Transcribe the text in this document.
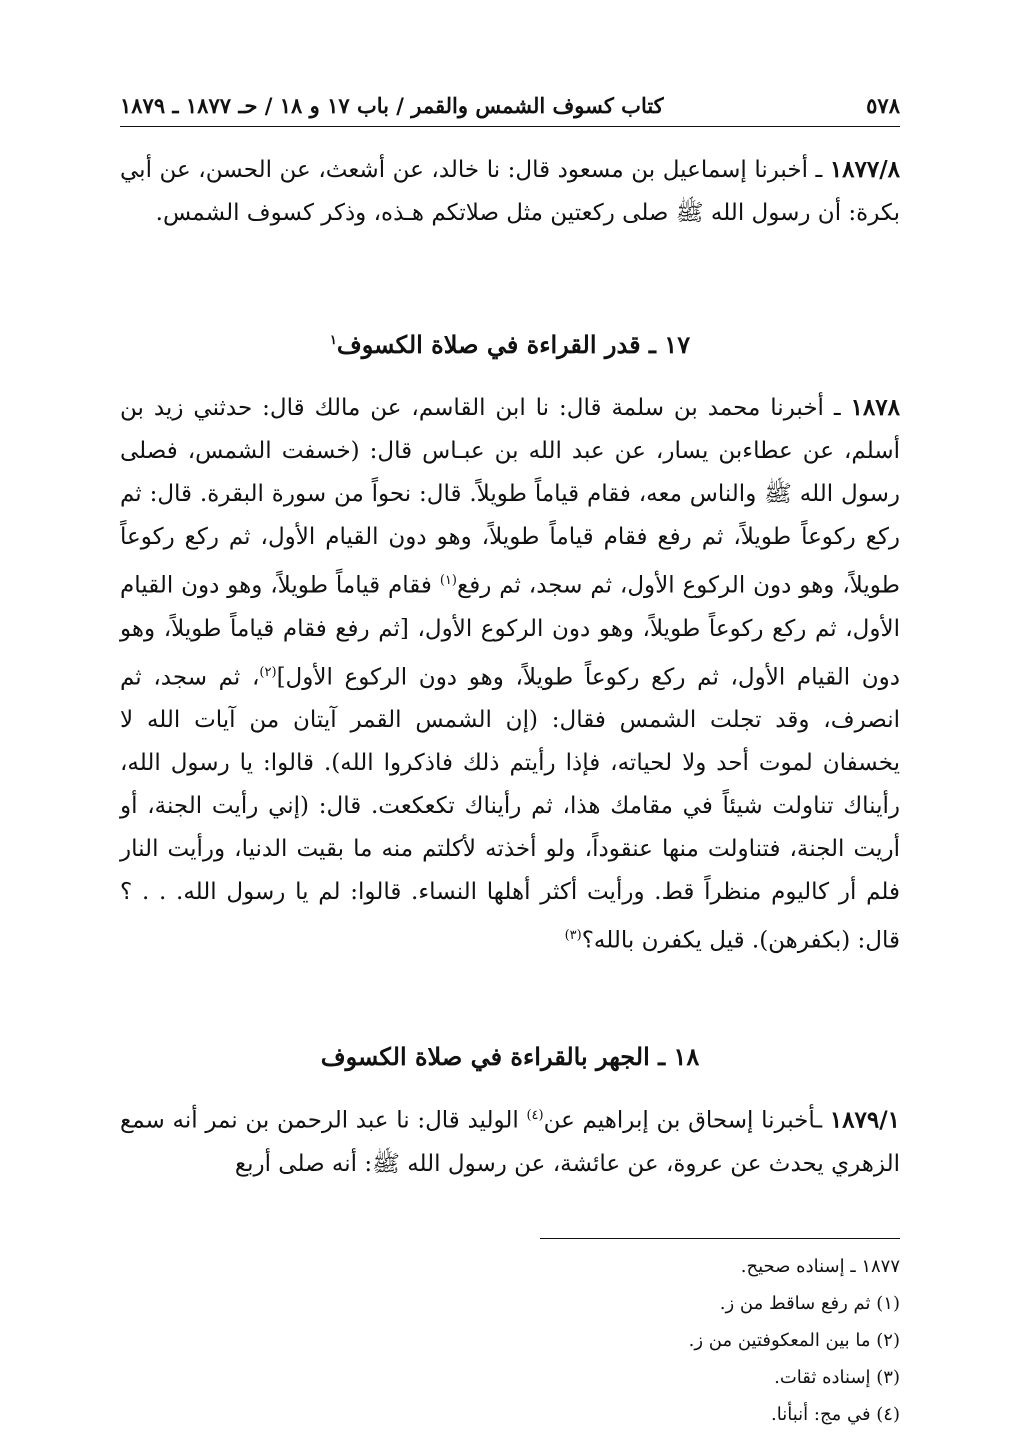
٥٧٨
كتاب كسوف الشمس والقمر / باب ١٧ و ١٨ / حـ ١٨٧٧ ـ ١٨٧٩

١٨٧٧/٨ ـ أخبرنا إسماعيل بن مسعود قال: نا خالد، عن أشعث، عن الحسن، عن أبي بكرة: أن رسول الله ﷺ صلى ركعتين مثل صلاتكم هـذه، وذكر كسوف الشمس.

١٧ ـ قدر القراءة في صلاة الكسوف$^١$

١٨٧٨ ـ أخبرنا محمد بن سلمة قال: نا ابن القاسم، عن مالك قال: حدثني زيد بن أسلم، عن عطاءبن يسار، عن عبد الله بن عبـاس قال: (خسفت الشمس، فصلى رسول الله ﷺ والناس معه، فقام قياماً طويلاً. قال: نحواً من سورة البقرة. قال: ثم ركع ركوعاً طويلاً، ثم رفع فقام قياماً طويلاً، وهو دون القيام الأول، ثم ركع ركوعاً طويلاً، وهو دون الركوع الأول، ثم سجد، ثم رفع$^{(١)}$ فقام قياماً طويلاً، وهو دون القيام الأول، ثم ركع ركوعاً طويلاً، وهو دون الركوع الأول، [ثم رفع فقام قياماً طويلاً، وهو دون القيام الأول، ثم ركع ركوعاً طويلاً، وهو دون الركوع الأول]$^{(٢)}$، ثم سجد، ثم انصرف، وقد تجلت الشمس فقال: (إن الشمس القمر آيتان من آيات الله لا يخسفان لموت أحد ولا لحياته، فإذا رأيتم ذلك فاذكروا الله). قالوا: يا رسول الله، رأيناك تناولت شيئاً في مقامك هذا، ثم رأيناك تكعكعت. قال: (إني رأيت الجنة، أو أريت الجنة، فتناولت منها عنقوداً، ولو أخذته لأكلتم منه ما بقيت الدنيا، ورأيت النار فلم أر كاليوم منظراً قط. ورأيت أكثر أهلها النساء. قالوا: لم يا رسول الله. . . ؟ قال: (بكفرهن). قيل يكفرن بالله؟$^{(٣)}$

١٨ ـ الجهر بالقراءة في صلاة الكسوف

١٨٧٩/١ ـأخبرنا إسحاق بن إبراهيم عن$^{(٤)}$ الوليد قال: نا عبد الرحمن بن نمر أنه سمع الزهري يحدث عن عروة، عن عائشة، عن رسول الله ﷺ: أنه صلى أربع

١٨٧٧ ـ إسناده صحيح.
(١) ثم رفع ساقط من ز.
(٢) ما بين المعكوفتين من ز.
(٣) إسناده ثقات.
(٤) في مج: أنبأنا.
